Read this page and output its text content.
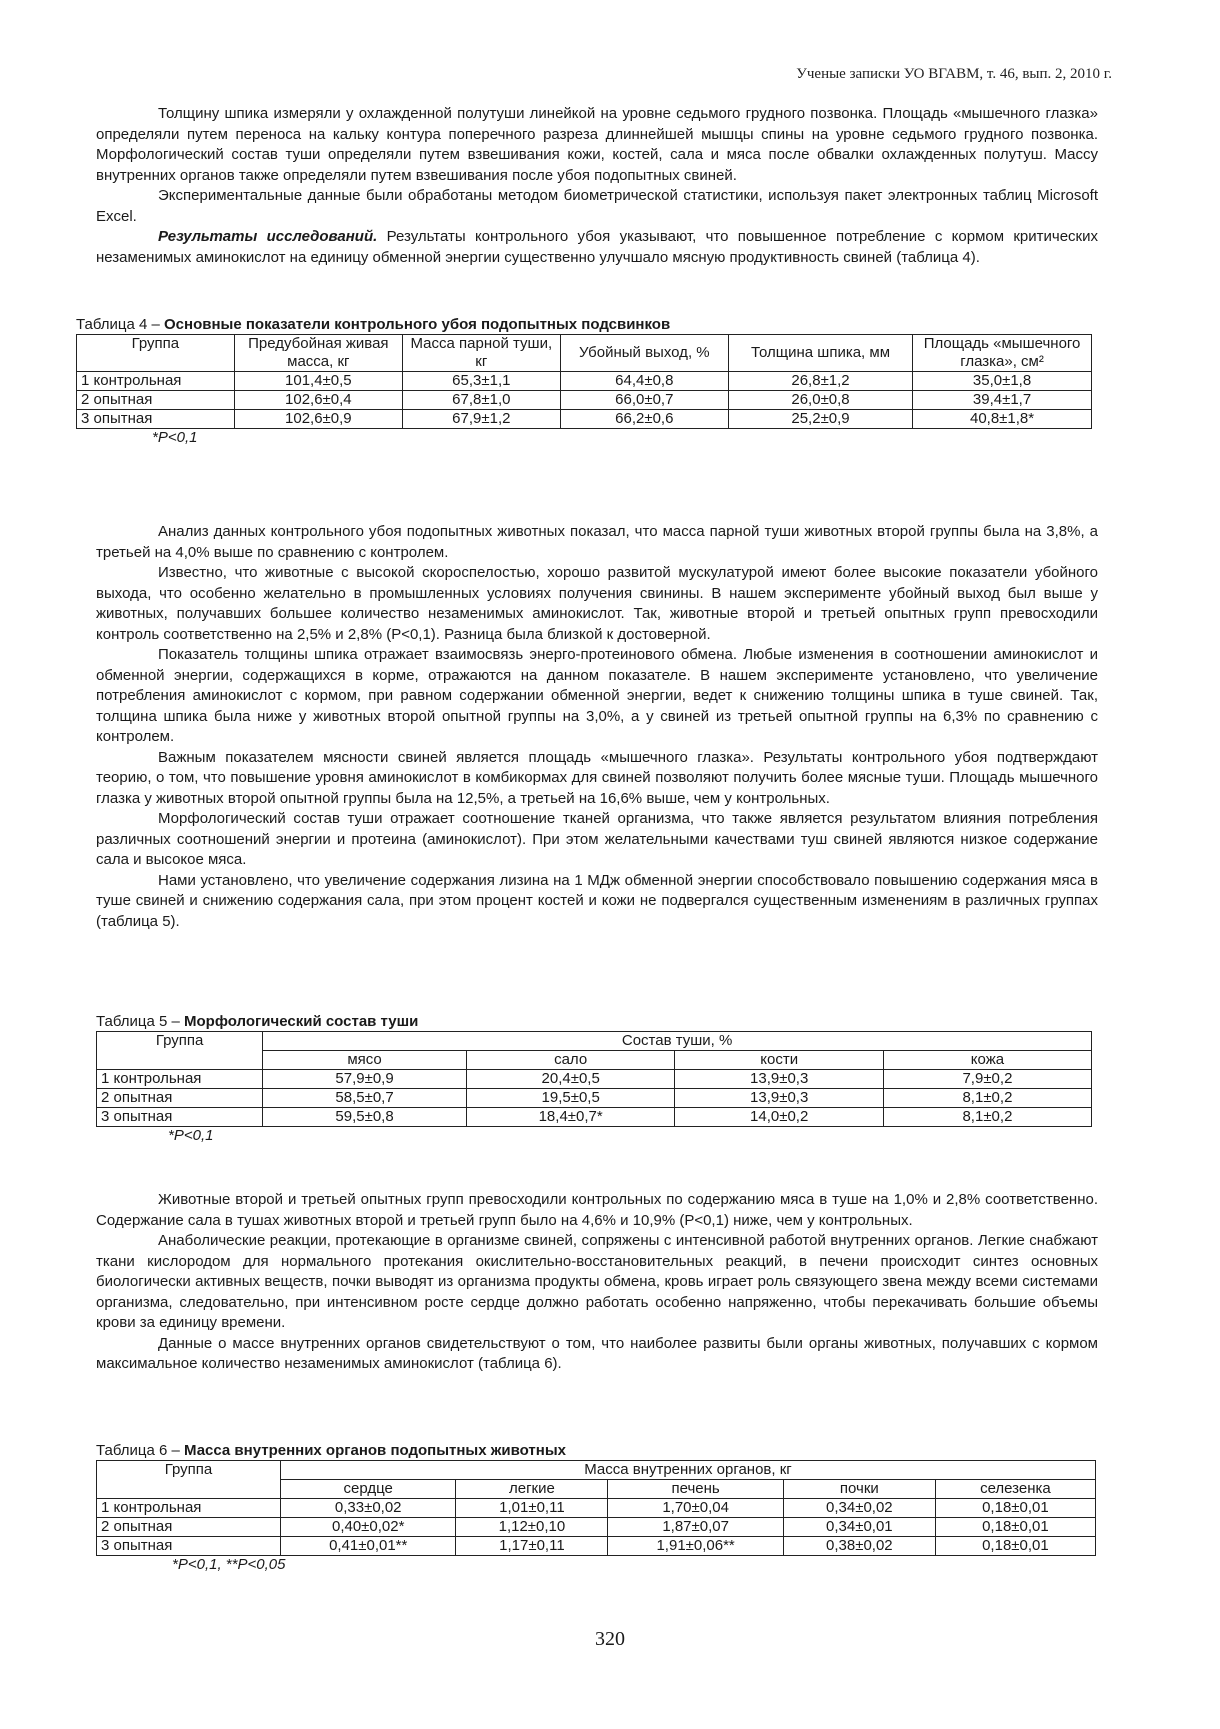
Ученые записки УО ВГАВМ, т. 46, вып. 2, 2010 г.

Толщину шпика измеряли у охлажденной полутуши линейкой на уровне седьмого грудного позвонка. Площадь «мышечного глазка» определяли путем переноса на кальку контура поперечного разреза длиннейшей мышцы спины на уровне седьмого грудного позвонка. Морфологический состав туши определяли путем взвешивания кожи, костей, сала и мяса после обвалки охлажденных полутуш. Массу внутренних органов также определяли путем взвешивания после убоя подопытных свиней.

Экспериментальные данные были обработаны методом биометрической статистики, используя пакет электронных таблиц Microsoft Excel.

Результаты исследований. Результаты контрольного убоя указывают, что повышенное потребление с кормом критических незаменимых аминокислот на единицу обменной энергии существенно улучшало мясную продуктивность свиней (таблица 4).

Таблица 4 – Основные показатели контрольного убоя подопытных подсвинков

Группа	Предубойная живая масса, кг	Масса парной туши, кг	Убойный выход, %	Толщина шпика, мм	Площадь «мышечного глазка», см²
1 контрольная	101,4±0,5	65,3±1,1	64,4±0,8	26,8±1,2	35,0±1,8
2 опытная	102,6±0,4	67,8±1,0	66,0±0,7	26,0±0,8	39,4±1,7
3 опытная	102,6±0,9	67,9±1,2	66,2±0,6	25,2±0,9	40,8±1,8*

*P<0,1

Анализ данных контрольного убоя подопытных животных показал, что масса парной туши животных второй группы была на 3,8%, а третьей на 4,0% выше по сравнению с контролем.

Известно, что животные с высокой скороспелостью, хорошо развитой мускулатурой имеют более высокие показатели убойного выхода, что особенно желательно в промышленных условиях получения свинины. В нашем эксперименте убойный выход был выше у животных, получавших большее количество незаменимых аминокислот. Так, животные второй и третьей опытных групп превосходили контроль соответственно на 2,5% и 2,8% (P<0,1). Разница была близкой к достоверной.

Показатель толщины шпика отражает взаимосвязь энерго-протеинового обмена. Любые изменения в соотношении аминокислот и обменной энергии, содержащихся в корме, отражаются на данном показателе. В нашем эксперименте установлено, что увеличение потребления аминокислот с кормом, при равном содержании обменной энергии, ведет к снижению толщины шпика в туше свиней. Так, толщина шпика была ниже у животных второй опытной группы на 3,0%, а у свиней из третьей опытной группы на 6,3% по сравнению с контролем.

Важным показателем мясности свиней является площадь «мышечного глазка». Результаты контрольного убоя подтверждают теорию, о том, что повышение уровня аминокислот в комбикормах для свиней позволяют получить более мясные туши. Площадь мышечного глазка у животных второй опытной группы была на 12,5%, а третьей на 16,6% выше, чем у контрольных.

Морфологический состав туши отражает соотношение тканей организма, что также является результатом влияния потребления различных соотношений энергии и протеина (аминокислот). При этом желательными качествами туш свиней являются низкое содержание сала и высокое мяса.

Нами установлено, что увеличение содержания лизина на 1 МДж обменной энергии способствовало повышению содержания мяса в туше свиней и снижению содержания сала, при этом процент костей и кожи не подвергался существенным изменениям в различных группах (таблица 5).

Таблица 5 – Морфологический состав туши

Группа	Состав туши, %			
	мясо	сало	кости	кожа
1 контрольная	57,9±0,9	20,4±0,5	13,9±0,3	7,9±0,2
2 опытная	58,5±0,7	19,5±0,5	13,9±0,3	8,1±0,2
3 опытная	59,5±0,8	18,4±0,7*	14,0±0,2	8,1±0,2

*P<0,1

Животные второй и третьей опытных групп превосходили контрольных по содержанию мяса в туше на 1,0% и 2,8% соответственно. Содержание сала в тушах животных второй и третьей групп было на 4,6% и 10,9% (P<0,1) ниже, чем у контрольных.

Анаболические реакции, протекающие в организме свиней, сопряжены с интенсивной работой внутренних органов. Легкие снабжают ткани кислородом для нормального протекания окислительно-восстановительных реакций, в печени происходит синтез основных биологически активных веществ, почки выводят из организма продукты обмена, кровь играет роль связующего звена между всеми системами организма, следовательно, при интенсивном росте сердце должно работать особенно напряженно, чтобы перекачивать большие объемы крови за единицу времени.

Данные о массе внутренних органов свидетельствуют о том, что наиболее развиты были органы животных, получавших с кормом максимальное количество незаменимых аминокислот (таблица 6).

Таблица 6 – Масса внутренних органов подопытных животных

Группа	Масса внутренних органов, кг				
	сердце	легкие	печень	почки	селезенка
1 контрольная	0,33±0,02	1,01±0,11	1,70±0,04	0,34±0,02	0,18±0,01
2 опытная	0,40±0,02*	1,12±0,10	1,87±0,07	0,34±0,01	0,18±0,01
3 опытная	0,41±0,01**	1,17±0,11	1,91±0,06**	0,38±0,02	0,18±0,01

*P<0,1, **P<0,05

320
